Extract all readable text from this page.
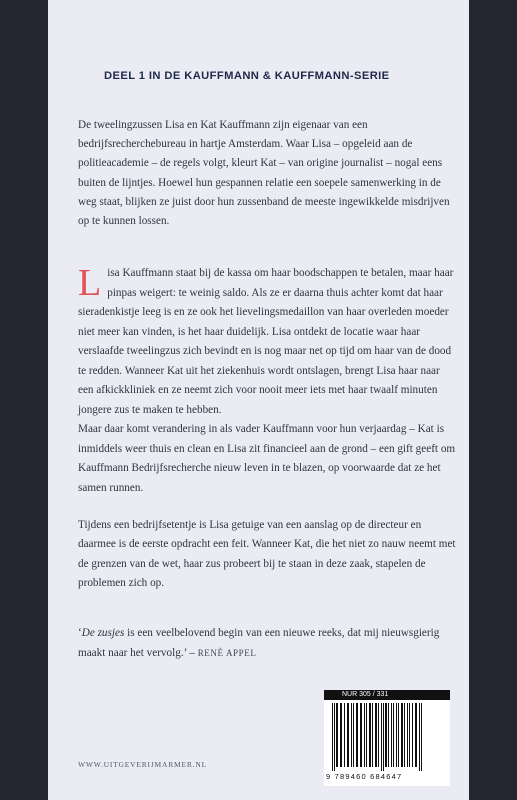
DEEL 1 IN DE KAUFFMANN & KAUFFMANN-SERIE

De tweelingzussen Lisa en Kat Kauffmann zijn eigenaar van een bedrijfsrecherchebureau in hartje Amsterdam. Waar Lisa – opgeleid aan de politieacademie – de regels volgt, kleurt Kat – van origine journalist – nogal eens buiten de lijntjes. Hoewel hun gespannen relatie een soepele samenwerking in de weg staat, blijken ze juist door hun zussenband de meeste ingewikkelde misdrijven op te kunnen lossen.

Lisa Kauffmann staat bij de kassa om haar boodschappen te betalen, maar haar pinpas weigert: te weinig saldo. Als ze er daarna thuis achter komt dat haar sieradenkistje leeg is en ze ook het lievelingsmedaillon van haar overleden moeder niet meer kan vinden, is het haar duidelijk. Lisa ontdekt de locatie waar haar verslaafde tweelingzus zich bevindt en is nog maar net op tijd om haar van de dood te redden. Wanneer Kat uit het ziekenhuis wordt ontslagen, brengt Lisa haar naar een afkickkliniek en ze neemt zich voor nooit meer iets met haar twaalf minuten jongere zus te maken te hebben.

Maar daar komt verandering in als vader Kauffmann voor hun verjaardag – Kat is inmiddels weer thuis en clean en Lisa zit financieel aan de grond – een gift geeft om Kauffmann Bedrijfsrecherche nieuw leven in te blazen, op voorwaarde dat ze het samen runnen.

Tijdens een bedrijfsetentje is Lisa getuige van een aanslag op de directeur en daarmee is de eerste opdracht een feit. Wanneer Kat, die het niet zo nauw neemt met de grenzen van de wet, haar zus probeert bij te staan in deze zaak, stapelen de problemen zich op.

‘De zusjes is een veelbelovend begin van een nieuwe reeks, dat mij nieuwsgierig maakt naar het vervolg.’ – RENÉ APPEL

WWW.UITGEVERIJMARMER.NL
NUR 305 / 331
9 789460 684647
